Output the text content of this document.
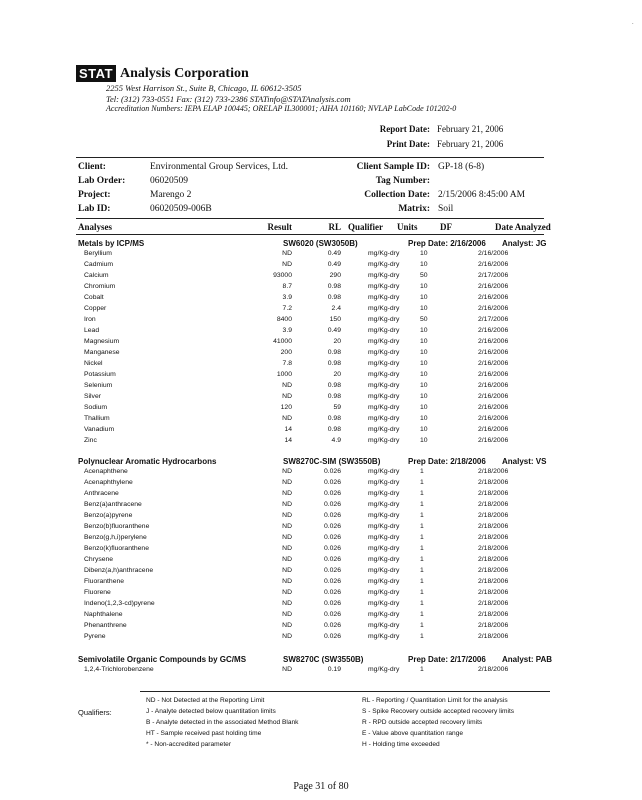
STAT Analysis Corporation
2255 West Harrison St., Suite B, Chicago, IL 60612-3505
Tel: (312) 733-0551 Fax: (312) 733-2386 STATinfo@STATAnalysis.com
Accreditation Numbers: IEPA ELAP 100445; ORELAP IL300001; AIHA 101160; NVLAP LabCode 101202-0
·
Report Date: February 21, 2006
Print Date: February 21, 2006
Client:	Environmental Group Services, Ltd.
Lab Order:	06020509
Project:	Marengo 2
Lab ID:	06020509-006B
Client Sample ID: GP-18 (6-8)
Tag Number:
Collection Date: 2/15/2006 8:45:00 AM
Matrix: Soil
Analyses	Result	RL Qualifier Units DF	Date Analyzed
Metals by ICP/MS	SW6020 (SW3050B)	Prep Date: 2/16/2006 Analyst: JG
Beryllium	ND	0.49	mg/Kg-dry	10	2/16/2006
Cadmium	ND	0.49	mg/Kg-dry	10	2/16/2006
Calcium	93000	290	mg/Kg-dry	50	2/17/2006
Chromium	8.7	0.98	mg/Kg-dry	10	2/16/2006
Cobalt	3.9	0.98	mg/Kg-dry	10	2/16/2006
Copper	7.2	2.4	mg/Kg-dry	10	2/16/2006
Iron	8400	150	mg/Kg-dry	50	2/17/2006
Lead	3.9	0.49	mg/Kg-dry	10	2/16/2006
Magnesium	41000	20	mg/Kg-dry	10	2/16/2006
Manganese	200	0.98	mg/Kg-dry	10	2/16/2006
Nickel	7.8	0.98	mg/Kg-dry	10	2/16/2006
Potassium	1000	20	mg/Kg-dry	10	2/16/2006
Selenium	ND	0.98	mg/Kg-dry	10	2/16/2006
Silver	ND	0.98	mg/Kg-dry	10	2/16/2006
Sodium	120	59	mg/Kg-dry	10	2/16/2006
Thallium	ND	0.98	mg/Kg-dry	10	2/16/2006
Vanadium	14	0.98	mg/Kg-dry	10	2/16/2006
Zinc	14	4.9	mg/Kg-dry	10	2/16/2006
Polynuclear Aromatic Hydrocarbons	SW8270C-SIM (SW3550B)	Prep Date: 2/18/2006 Analyst: VS
Acenaphthene	ND	0.026	mg/Kg-dry	1	2/18/2006
Acenaphthylene	ND	0.026	mg/Kg-dry	1	2/18/2006
Anthracene	ND	0.026	mg/Kg-dry	1	2/18/2006
Benz(a)anthracene	ND	0.026	mg/Kg-dry	1	2/18/2006
Benzo(a)pyrene	ND	0.026	mg/Kg-dry	1	2/18/2006
Benzo(b)fluoranthene	ND	0.026	mg/Kg-dry	1	2/18/2006
Benzo(g,h,i)perylene	ND	0.026	mg/Kg-dry	1	2/18/2006
Benzo(k)fluoranthene	ND	0.026	mg/Kg-dry	1	2/18/2006
Chrysene	ND	0.026	mg/Kg-dry	1	2/18/2006
Dibenz(a,h)anthracene	ND	0.026	mg/Kg-dry	1	2/18/2006
Fluoranthene	ND	0.026	mg/Kg-dry	1	2/18/2006
Fluorene	ND	0.026	mg/Kg-dry	1	2/18/2006
Indeno(1,2,3-cd)pyrene	ND	0.026	mg/Kg-dry	1	2/18/2006
Naphthalene	ND	0.026	mg/Kg-dry	1	2/18/2006
Phenanthrene	ND	0.026	mg/Kg-dry	1	2/18/2006
Pyrene	ND	0.026	mg/Kg-dry	1	2/18/2006
Semivolatile Organic Compounds by GC/MS	SW8270C (SW3550B)	Prep Date: 2/17/2006 Analyst: PAB
1,2,4-Trichlorobenzene	ND	0.19	mg/Kg-dry	1	2/18/2006
Qualifiers:
ND - Not Detected at the Reporting Limit
J - Analyte detected below quantitation limits
B - Analyte detected in the associated Method Blank
HT - Sample received past holding time
* - Non-accredited parameter
RL - Reporting / Quantitation Limit for the analysis
S - Spike Recovery outside accepted recovery limits
R - RPD outside accepted recovery limits
E - Value above quantitation range
H - Holding time exceeded
Page 31 of 80
